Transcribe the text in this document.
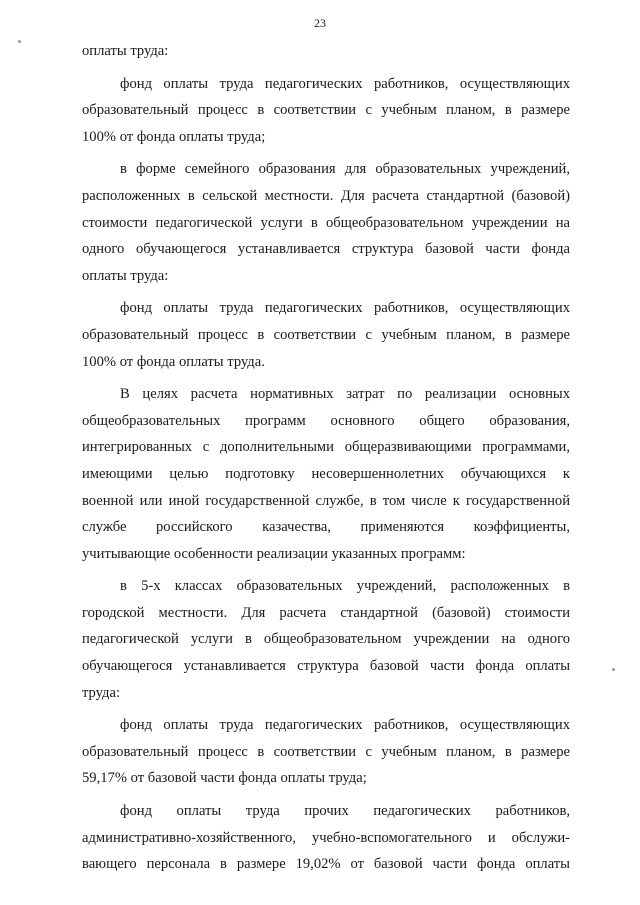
23

оплаты труда:

фонд оплаты труда педагогических работников, осуществляющих
образовательный процесс в соответствии с учебным планом, в размере
100% от фонда оплаты труда;

в форме семейного образования для образовательных учреждений,
расположенных в сельской местности. Для расчета стандартной (базовой)
стоимости педагогической услуги в общеобразовательном учреждении на
одного обучающегося устанавливается структура базовой части фонда
оплаты труда:

фонд оплаты труда педагогических работников, осуществляющих
образовательный процесс в соответствии с учебным планом, в размере
100% от фонда оплаты труда.

В целях расчета нормативных затрат по реализации основных
общеобразовательных программ основного общего образования,
интегрированных с дополнительными общеразвивающими программами,
имеющими целью подготовку несовершеннолетних обучающихся к
военной или иной государственной службе, в том числе к государственной
службе российского казачества, применяются коэффициенты,
учитывающие особенности реализации указанных программ:

в 5-х классах образовательных учреждений, расположенных в
городской местности. Для расчета стандартной (базовой) стоимости
педагогической услуги в общеобразовательном учреждении на одного
обучающегося устанавливается структура базовой части фонда оплаты
труда:

фонд оплаты труда педагогических работников, осуществляющих
образовательный процесс в соответствии с учебным планом, в размере
59,17% от базовой части фонда оплаты труда;

фонд оплаты труда прочих педагогических работников,
административно-хозяйственного, учебно-вспомогательного и обслужи-
вающего персонала в размере 19,02% от базовой части фонда оплаты
